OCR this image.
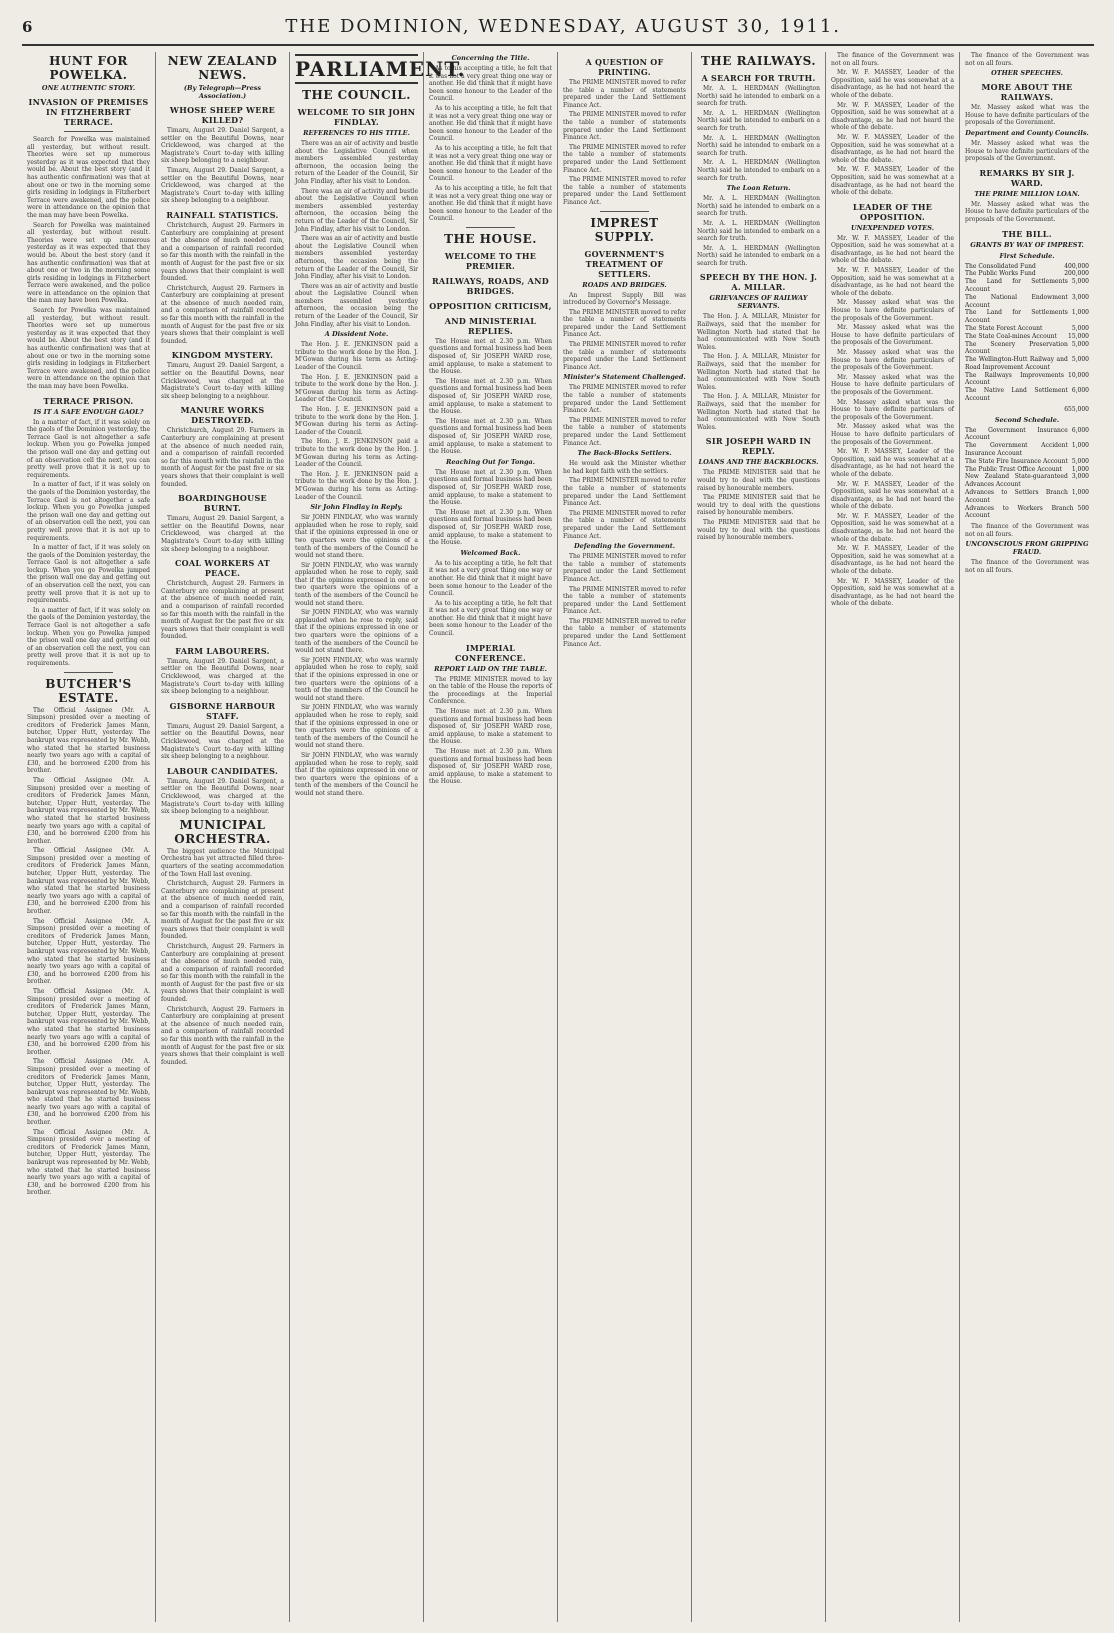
6	THE DOMINION, WEDNESDAY, AUGUST 30, 1911.
HUNT FOR POWELKA.
ONE AUTHENTIC STORY.
INVASION OF PREMISES IN FITZHERBERT TERRACE.

Search for Powelka was maintained all yesterday, but without result. Theories were set up numerous yesterday as it was expected that they would be. About the best story (and it has authentic confirmation) was that at about one or two in the morning some girls residing in lodgings in Fitzherbert Terrace were awakened, and the police were in attendance on the opinion that the man may have been Powelka.

Search for Powelka was maintained all yesterday, but without result. Theories were set up numerous yesterday as it was expected that they would be. About the best story (and it has authentic confirmation) was that at about one or two in the morning some girls residing in lodgings in Fitzherbert Terrace were awakened, and the police were in attendance on the opinion that the man may have been Powelka.

Search for Powelka was maintained all yesterday, but without result. Theories were set up numerous yesterday as it was expected that they would be. About the best story (and it has authentic confirmation) was that at about one or two in the morning some girls residing in lodgings in Fitzherbert Terrace were awakened, and the police were in attendance on the opinion that the man may have been Powelka.

TERRACE PRISON.
IS IT A SAFE ENOUGH GAOL?

In a matter of fact, if it was solely on the gaols of the Dominion yesterday, the Terrace Gaol is not altogether a safe lockup. When you go Powelka jumped the prison wall one day and getting out of an observation cell the next, you can pretty well prove that it is not up to requirements.

In a matter of fact, if it was solely on the gaols of the Dominion yesterday, the Terrace Gaol is not altogether a safe lockup. When you go Powelka jumped the prison wall one day and getting out of an observation cell the next, you can pretty well prove that it is not up to requirements.

In a matter of fact, if it was solely on the gaols of the Dominion yesterday, the Terrace Gaol is not altogether a safe lockup. When you go Powelka jumped the prison wall one day and getting out of an observation cell the next, you can pretty well prove that it is not up to requirements.

In a matter of fact, if it was solely on the gaols of the Dominion yesterday, the Terrace Gaol is not altogether a safe lockup. When you go Powelka jumped the prison wall one day and getting out of an observation cell the next, you can pretty well prove that it is not up to requirements.

BUTCHER'S ESTATE.

The Official Assignee (Mr. A. Simpson) presided over a meeting of creditors of Frederick James Mann, butcher, Upper Hutt, yesterday. The bankrupt was represented by Mr. Webb, who stated that he started business nearly two years ago with a capital of £30, and he borrowed £200 from his brother.

The Official Assignee (Mr. A. Simpson) presided over a meeting of creditors of Frederick James Mann, butcher, Upper Hutt, yesterday. The bankrupt was represented by Mr. Webb, who stated that he started business nearly two years ago with a capital of £30, and he borrowed £200 from his brother.

The Official Assignee (Mr. A. Simpson) presided over a meeting of creditors of Frederick James Mann, butcher, Upper Hutt, yesterday. The bankrupt was represented by Mr. Webb, who stated that he started business nearly two years ago with a capital of £30, and he borrowed £200 from his brother.

The Official Assignee (Mr. A. Simpson) presided over a meeting of creditors of Frederick James Mann, butcher, Upper Hutt, yesterday. The bankrupt was represented by Mr. Webb, who stated that he started business nearly two years ago with a capital of £30, and he borrowed £200 from his brother.

The Official Assignee (Mr. A. Simpson) presided over a meeting of creditors of Frederick James Mann, butcher, Upper Hutt, yesterday. The bankrupt was represented by Mr. Webb, who stated that he started business nearly two years ago with a capital of £30, and he borrowed £200 from his brother.

The Official Assignee (Mr. A. Simpson) presided over a meeting of creditors of Frederick James Mann, butcher, Upper Hutt, yesterday. The bankrupt was represented by Mr. Webb, who stated that he started business nearly two years ago with a capital of £30, and he borrowed £200 from his brother.

The Official Assignee (Mr. A. Simpson) presided over a meeting of creditors of Frederick James Mann, butcher, Upper Hutt, yesterday. The bankrupt was represented by Mr. Webb, who stated that he started business nearly two years ago with a capital of £30, and he borrowed £200 from his brother.

NEW ZEALAND NEWS.
(By Telegraph—Press Association.)
WHOSE SHEEP WERE KILLED?

Timaru, August 29. Daniel Sargent, a settler on the Beautiful Downs, near Cricklewood, was charged at the Magistrate's Court to-day with killing six sheep belonging to a neighbour.

Timaru, August 29. Daniel Sargent, a settler on the Beautiful Downs, near Cricklewood, was charged at the Magistrate's Court to-day with killing six sheep belonging to a neighbour.

RAINFALL STATISTICS.

Christchurch, August 29. Farmers in Canterbury are complaining at present at the absence of much needed rain, and a comparison of rainfall recorded so far this month with the rainfall in the month of August for the past five or six years shows that their complaint is well founded.

Christchurch, August 29. Farmers in Canterbury are complaining at present at the absence of much needed rain, and a comparison of rainfall recorded so far this month with the rainfall in the month of August for the past five or six years shows that their complaint is well founded.

KINGDOM MYSTERY.

Timaru, August 29. Daniel Sargent, a settler on the Beautiful Downs, near Cricklewood, was charged at the Magistrate's Court to-day with killing six sheep belonging to a neighbour.

MANURE WORKS DESTROYED.

Christchurch, August 29. Farmers in Canterbury are complaining at present at the absence of much needed rain, and a comparison of rainfall recorded so far this month with the rainfall in the month of August for the past five or six years shows that their complaint is well founded.

BOARDINGHOUSE BURNT.

Timaru, August 29. Daniel Sargent, a settler on the Beautiful Downs, near Cricklewood, was charged at the Magistrate's Court to-day with killing six sheep belonging to a neighbour.

COAL WORKERS AT PEACE.

Christchurch, August 29. Farmers in Canterbury are complaining at present at the absence of much needed rain, and a comparison of rainfall recorded so far this month with the rainfall in the month of August for the past five or six years shows that their complaint is well founded.

FARM LABOURERS.

Timaru, August 29. Daniel Sargent, a settler on the Beautiful Downs, near Cricklewood, was charged at the Magistrate's Court to-day with killing six sheep belonging to a neighbour.

GISBORNE HARBOUR STAFF.

Timaru, August 29. Daniel Sargent, a settler on the Beautiful Downs, near Cricklewood, was charged at the Magistrate's Court to-day with killing six sheep belonging to a neighbour.

LABOUR CANDIDATES.

Timaru, August 29. Daniel Sargent, a settler on the Beautiful Downs, near Cricklewood, was charged at the Magistrate's Court to-day with killing six sheep belonging to a neighbour.

MUNICIPAL ORCHESTRA.

The biggest audience the Municipal Orchestra has yet attracted filled three-quarters of the seating accommodation of the Town Hall last evening.

Christchurch, August 29. Farmers in Canterbury are complaining at present at the absence of much needed rain, and a comparison of rainfall recorded so far this month with the rainfall in the month of August for the past five or six years shows that their complaint is well founded.

Christchurch, August 29. Farmers in Canterbury are complaining at present at the absence of much needed rain, and a comparison of rainfall recorded so far this month with the rainfall in the month of August for the past five or six years shows that their complaint is well founded.

Christchurch, August 29. Farmers in Canterbury are complaining at present at the absence of much needed rain, and a comparison of rainfall recorded so far this month with the rainfall in the month of August for the past five or six years shows that their complaint is well founded.

PARLIAMENT.
THE COUNCIL.
WELCOME TO SIR JOHN FINDLAY.
REFERENCES TO HIS TITLE.

There was an air of activity and bustle about the Legislative Council when members assembled yesterday afternoon, the occasion being the return of the Leader of the Council, Sir John Findlay, after his visit to London.

There was an air of activity and bustle about the Legislative Council when members assembled yesterday afternoon, the occasion being the return of the Leader of the Council, Sir John Findlay, after his visit to London.

There was an air of activity and bustle about the Legislative Council when members assembled yesterday afternoon, the occasion being the return of the Leader of the Council, Sir John Findlay, after his visit to London.

There was an air of activity and bustle about the Legislative Council when members assembled yesterday afternoon, the occasion being the return of the Leader of the Council, Sir John Findlay, after his visit to London.

A Dissident Note.

The Hon. J. E. JENKINSON paid a tribute to the work done by the Hon. J. M'Gowan during his term as Acting-Leader of the Council.

The Hon. J. E. JENKINSON paid a tribute to the work done by the Hon. J. M'Gowan during his term as Acting-Leader of the Council.

The Hon. J. E. JENKINSON paid a tribute to the work done by the Hon. J. M'Gowan during his term as Acting-Leader of the Council.

The Hon. J. E. JENKINSON paid a tribute to the work done by the Hon. J. M'Gowan during his term as Acting-Leader of the Council.

The Hon. J. E. JENKINSON paid a tribute to the work done by the Hon. J. M'Gowan during his term as Acting-Leader of the Council.

Sir John Findlay in Reply.

Sir JOHN FINDLAY, who was warmly applauded when he rose to reply, said that if the opinions expressed in one or two quarters were the opinions of a tenth of the members of the Council he would not stand there.

Sir JOHN FINDLAY, who was warmly applauded when he rose to reply, said that if the opinions expressed in one or two quarters were the opinions of a tenth of the members of the Council he would not stand there.

Sir JOHN FINDLAY, who was warmly applauded when he rose to reply, said that if the opinions expressed in one or two quarters were the opinions of a tenth of the members of the Council he would not stand there.

Sir JOHN FINDLAY, who was warmly applauded when he rose to reply, said that if the opinions expressed in one or two quarters were the opinions of a tenth of the members of the Council he would not stand there.

Sir JOHN FINDLAY, who was warmly applauded when he rose to reply, said that if the opinions expressed in one or two quarters were the opinions of a tenth of the members of the Council he would not stand there.

Sir JOHN FINDLAY, who was warmly applauded when he rose to reply, said that if the opinions expressed in one or two quarters were the opinions of a tenth of the members of the Council he would not stand there.

Concerning the Title.

As to his accepting a title, he felt that it was not a very great thing one way or another. He did think that it might have been some honour to the Leader of the Council.

As to his accepting a title, he felt that it was not a very great thing one way or another. He did think that it might have been some honour to the Leader of the Council.

As to his accepting a title, he felt that it was not a very great thing one way or another. He did think that it might have been some honour to the Leader of the Council.

As to his accepting a title, he felt that it was not a very great thing one way or another. He did think that it might have been some honour to the Leader of the Council.

THE HOUSE.
WELCOME TO THE PREMIER.
RAILWAYS, ROADS, AND BRIDGES.
OPPOSITION CRITICISM,
AND MINISTERIAL REPLIES.

The House met at 2.30 p.m. When questions and formal business had been disposed of, Sir JOSEPH WARD rose, amid applause, to make a statement to the House.

The House met at 2.30 p.m. When questions and formal business had been disposed of, Sir JOSEPH WARD rose, amid applause, to make a statement to the House.

The House met at 2.30 p.m. When questions and formal business had been disposed of, Sir JOSEPH WARD rose, amid applause, to make a statement to the House.

Reaching Out for Tonga.

The House met at 2.30 p.m. When questions and formal business had been disposed of, Sir JOSEPH WARD rose, amid applause, to make a statement to the House.

The House met at 2.30 p.m. When questions and formal business had been disposed of, Sir JOSEPH WARD rose, amid applause, to make a statement to the House.

Welcomed Back.

As to his accepting a title, he felt that it was not a very great thing one way or another. He did think that it might have been some honour to the Leader of the Council.

As to his accepting a title, he felt that it was not a very great thing one way or another. He did think that it might have been some honour to the Leader of the Council.

IMPERIAL CONFERENCE.
REPORT LAID ON THE TABLE.

The PRIME MINISTER moved to lay on the table of the House the reports of the proceedings at the Imperial Conference.

The House met at 2.30 p.m. When questions and formal business had been disposed of, Sir JOSEPH WARD rose, amid applause, to make a statement to the House.

The House met at 2.30 p.m. When questions and formal business had been disposed of, Sir JOSEPH WARD rose, amid applause, to make a statement to the House.

A QUESTION OF PRINTING.

The PRIME MINISTER moved to refer the table a number of statements prepared under the Land Settlement Finance Act.

The PRIME MINISTER moved to refer the table a number of statements prepared under the Land Settlement Finance Act.

The PRIME MINISTER moved to refer the table a number of statements prepared under the Land Settlement Finance Act.

The PRIME MINISTER moved to refer the table a number of statements prepared under the Land Settlement Finance Act.

IMPREST SUPPLY.
GOVERNMENT'S TREATMENT OF SETTLERS.
ROADS AND BRIDGES.

An Imprest Supply Bill was introduced by Governor's Message.

The PRIME MINISTER moved to refer the table a number of statements prepared under the Land Settlement Finance Act.

The PRIME MINISTER moved to refer the table a number of statements prepared under the Land Settlement Finance Act.

Minister's Statement Challenged.

The PRIME MINISTER moved to refer the table a number of statements prepared under the Land Settlement Finance Act.

The PRIME MINISTER moved to refer the table a number of statements prepared under the Land Settlement Finance Act.

The Back-Blocks Settlers.

He would ask the Minister whether he had kept faith with the settlers.

The PRIME MINISTER moved to refer the table a number of statements prepared under the Land Settlement Finance Act.

The PRIME MINISTER moved to refer the table a number of statements prepared under the Land Settlement Finance Act.

Defending the Government.

The PRIME MINISTER moved to refer the table a number of statements prepared under the Land Settlement Finance Act.

The PRIME MINISTER moved to refer the table a number of statements prepared under the Land Settlement Finance Act.

The PRIME MINISTER moved to refer the table a number of statements prepared under the Land Settlement Finance Act.

THE RAILWAYS.
A SEARCH FOR TRUTH.

Mr. A. L. HERDMAN (Wellington North) said he intended to embark on a search for truth.

Mr. A. L. HERDMAN (Wellington North) said he intended to embark on a search for truth.

Mr. A. L. HERDMAN (Wellington North) said he intended to embark on a search for truth.

Mr. A. L. HERDMAN (Wellington North) said he intended to embark on a search for truth.

The Loan Return.

Mr. A. L. HERDMAN (Wellington North) said he intended to embark on a search for truth.

Mr. A. L. HERDMAN (Wellington North) said he intended to embark on a search for truth.

Mr. A. L. HERDMAN (Wellington North) said he intended to embark on a search for truth.

SPEECH BY THE HON. J. A. MILLAR.
GRIEVANCES OF RAILWAY SERVANTS.

The Hon. J. A. MILLAR, Minister for Railways, said that the member for Wellington North had stated that he had communicated with New South Wales.

The Hon. J. A. MILLAR, Minister for Railways, said that the member for Wellington North had stated that he had communicated with New South Wales.

The Hon. J. A. MILLAR, Minister for Railways, said that the member for Wellington North had stated that he had communicated with New South Wales.

SIR JOSEPH WARD IN REPLY.
LOANS AND THE BACKBLOCKS.

The PRIME MINISTER said that he would try to deal with the questions raised by honourable members.

The PRIME MINISTER said that he would try to deal with the questions raised by honourable members.

The PRIME MINISTER said that he would try to deal with the questions raised by honourable members.

The finance of the Government was not on all fours.

Mr. W. F. MASSEY, Leader of the Opposition, said he was somewhat at a disadvantage, as he had not heard the whole of the debate.

Mr. W. F. MASSEY, Leader of the Opposition, said he was somewhat at a disadvantage, as he had not heard the whole of the debate.

Mr. W. F. MASSEY, Leader of the Opposition, said he was somewhat at a disadvantage, as he had not heard the whole of the debate.

Mr. W. F. MASSEY, Leader of the Opposition, said he was somewhat at a disadvantage, as he had not heard the whole of the debate.

LEADER OF THE OPPOSITION.
UNEXPENDED VOTES.

Mr. W. F. MASSEY, Leader of the Opposition, said he was somewhat at a disadvantage, as he had not heard the whole of the debate.

Mr. W. F. MASSEY, Leader of the Opposition, said he was somewhat at a disadvantage, as he had not heard the whole of the debate.

Mr. Massey asked what was the House to have definite particulars of the proposals of the Government.

Mr. Massey asked what was the House to have definite particulars of the proposals of the Government.

Mr. Massey asked what was the House to have definite particulars of the proposals of the Government.

Mr. Massey asked what was the House to have definite particulars of the proposals of the Government.

Mr. Massey asked what was the House to have definite particulars of the proposals of the Government.

Mr. Massey asked what was the House to have definite particulars of the proposals of the Government.

Mr. W. F. MASSEY, Leader of the Opposition, said he was somewhat at a disadvantage, as he had not heard the whole of the debate.

Mr. W. F. MASSEY, Leader of the Opposition, said he was somewhat at a disadvantage, as he had not heard the whole of the debate.

Mr. W. F. MASSEY, Leader of the Opposition, said he was somewhat at a disadvantage, as he had not heard the whole of the debate.

Mr. W. F. MASSEY, Leader of the Opposition, said he was somewhat at a disadvantage, as he had not heard the whole of the debate.

Mr. W. F. MASSEY, Leader of the Opposition, said he was somewhat at a disadvantage, as he had not heard the whole of the debate.

The finance of the Government was not on all fours.

OTHER SPEECHES.
MORE ABOUT THE RAILWAYS.

Mr. Massey asked what was the House to have definite particulars of the proposals of the Government.

Department and County Councils.

Mr. Massey asked what was the House to have definite particulars of the proposals of the Government.

REMARKS BY SIR J. WARD.
THE PRIME MILLION LOAN.

Mr. Massey asked what was the House to have definite particulars of the proposals of the Government.

THE BILL.
GRANTS BY WAY OF IMPREST.
First Schedule.
The Consolidated Fund	400,000
The Public Works Fund	200,000
The Land for Settlements Account
5,000
The National Endowment Account
3,000
The Land for Settlements Account
1,000
The State Forest Account	5,000
The State Coal-mines Account 15,000
The Scenery Preservation Account
5,000
The Wellington-Hutt Railway and Road Improvement Account
5,000
The Railways Improvements Account
10,000
The Native Land Settlement Account
6,000
655,000
Second Schedule.
The Government Insurance Account
6,000
The Government Accident Insurance Account
1,000
The State Fire Insurance Account 5,000
The Public Trust Office Account 1,000
New Zealand State-guaranteed Advances Account
3,000
Advances to Settlers Branch Account
1,000
Advances to Workers Branch Account
500

The finance of the Government was not on all fours.

UNCONSCIOUS FROM GRIPPING FRAUD.

The finance of the Government was not on all fours.
